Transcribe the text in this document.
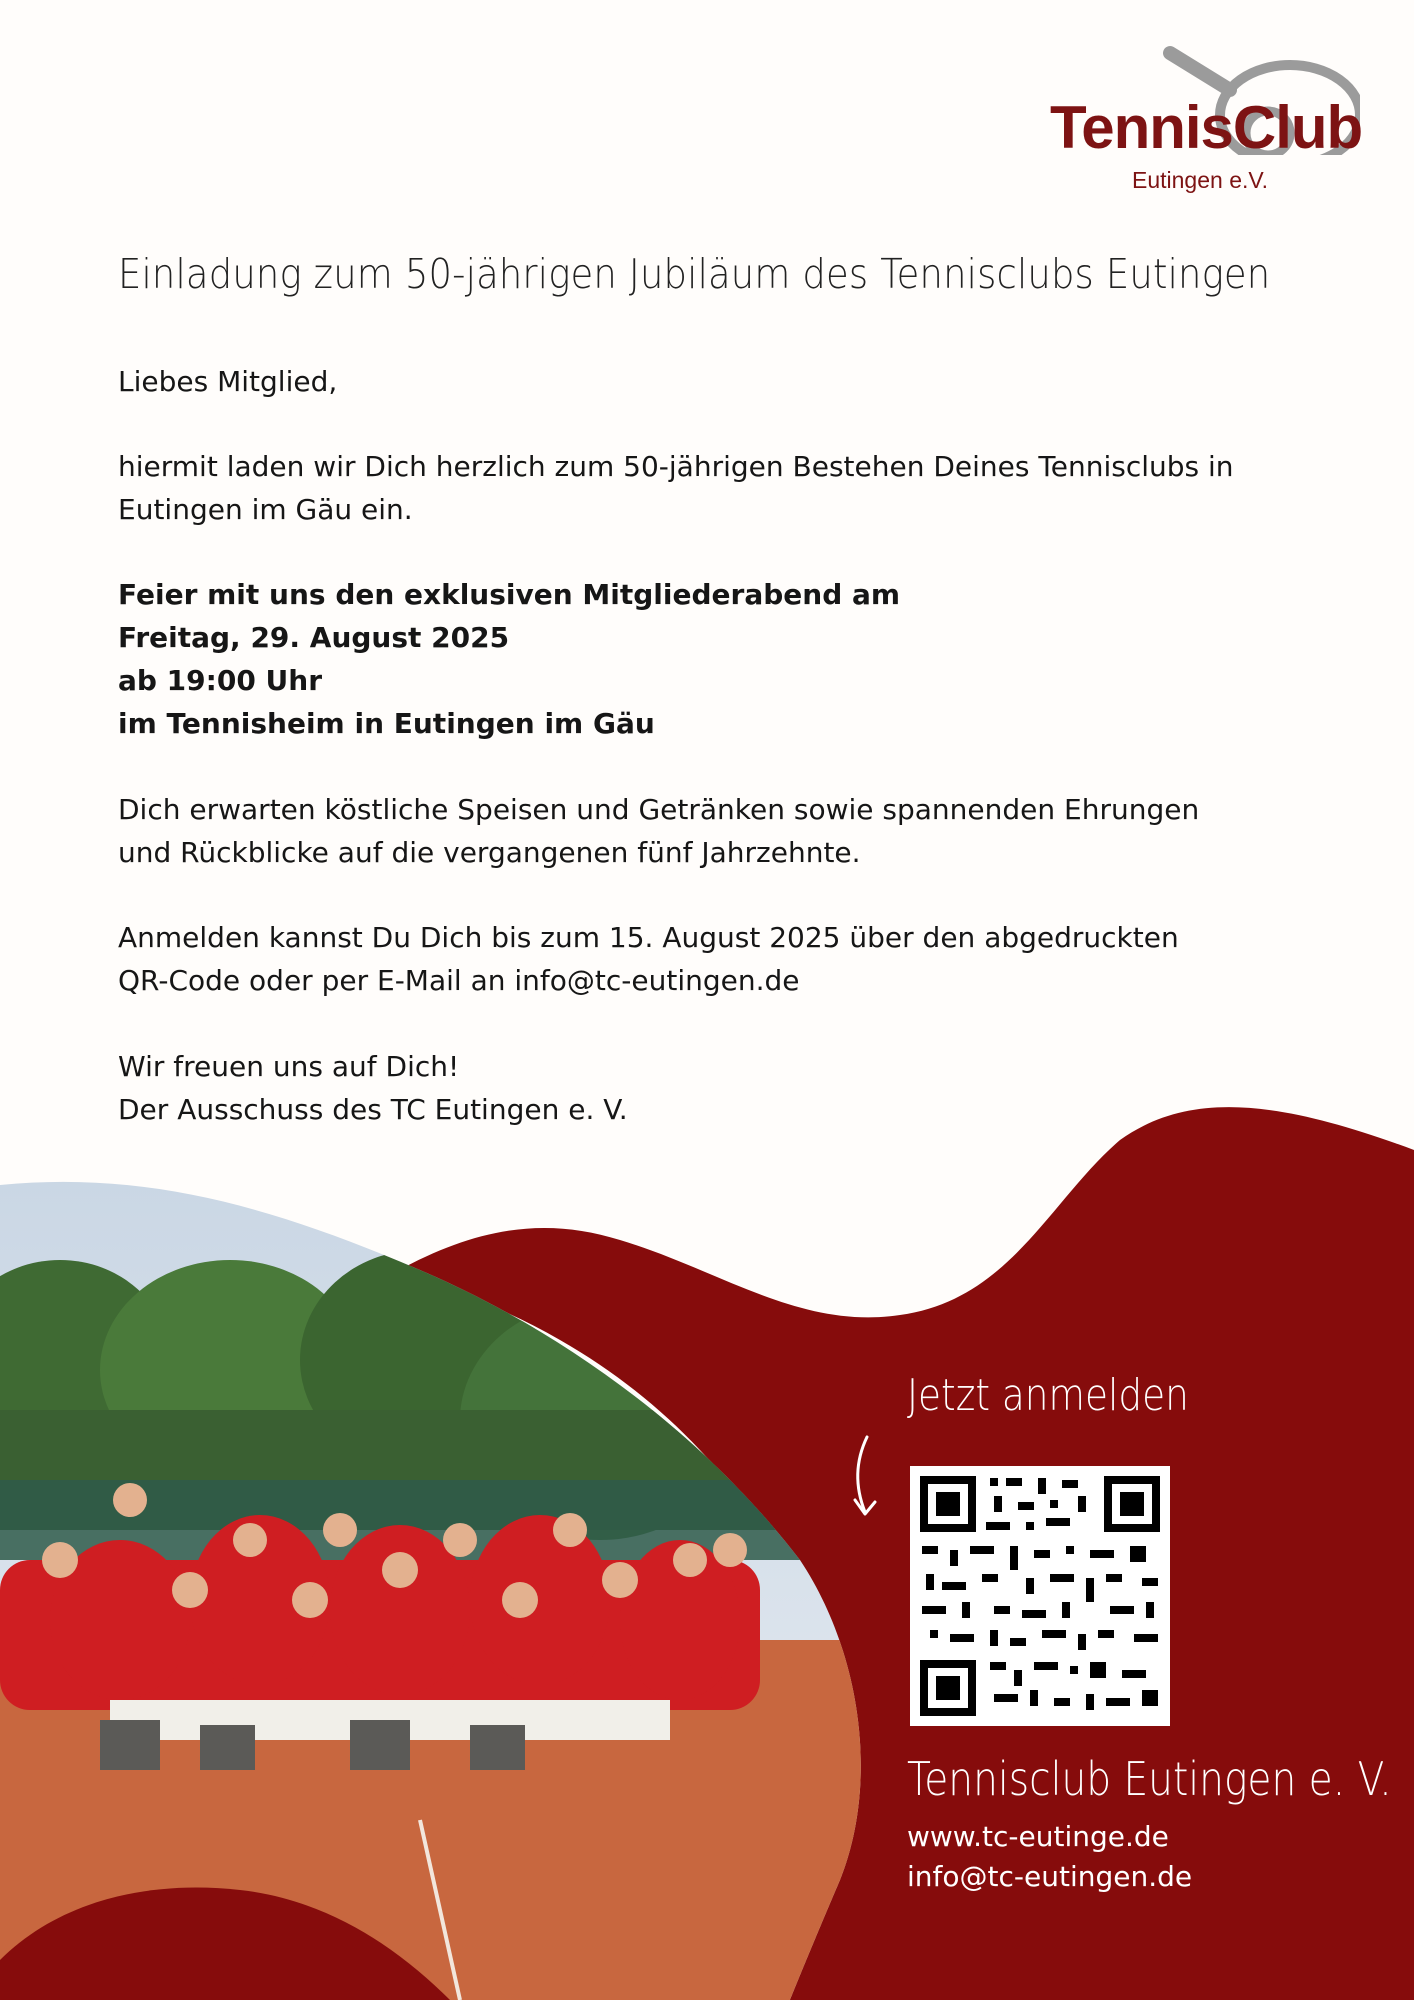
TennisClub
Eutingen e.V.
Einladung zum 50-jährigen Jubiläum des Tennisclubs Eutingen

Liebes Mitglied,

hiermit laden wir Dich herzlich zum 50-jährigen Bestehen Deines Tennisclubs in

Eutingen im Gäu ein.

Feier mit uns den exklusiven Mitgliederabend am

Freitag, 29. August 2025

ab 19:00 Uhr

im Tennisheim in Eutingen im Gäu

Dich erwarten köstliche Speisen und Getränken sowie spannenden Ehrungen

und Rückblicke auf die vergangenen fünf Jahrzehnte.

Anmelden kannst Du Dich bis zum 15. August 2025 über den abgedruckten

QR-Code oder per E-Mail an info@tc-eutingen.de

Wir freuen uns auf Dich!

Der Ausschuss des TC Eutingen e. V.

Jetzt anmelden
Tennisclub Eutingen e. V.
www.tc-eutinge.de
info@tc-eutingen.de
